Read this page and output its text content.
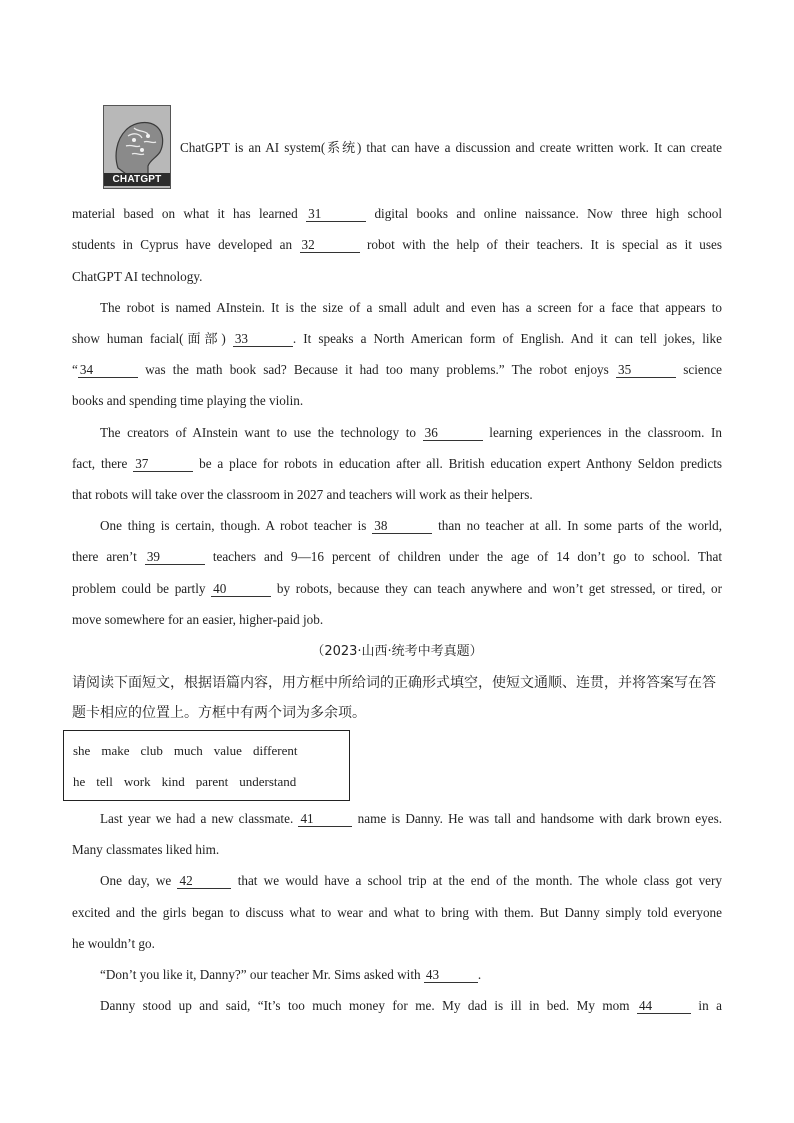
CHATGPT
ChatGPT is an AI system(系统) that can have a discussion and create written work. It can create
material based on what it has learned 31	digital books and online naissance. Now three high school
students in Cyprus have developed an 32	robot with the help of their teachers. It is special as it uses
ChatGPT AI technology.
The robot is named AInstein. It is the size of a small adult and even has a screen for a face that appears to
show human facial(面部) 33	. It speaks a North American form of English. And it can tell jokes, like
“ 34	was the math book sad? Because it had too many problems.” The robot enjoys 35	science
books and spending time playing the violin.
The creators of AInstein want to use the technology to 36	learning experiences in the classroom. In
fact, there 37	be a place for robots in education after all. British education expert Anthony Seldon predicts
that robots will take over the classroom in 2027 and teachers will work as their helpers.
One thing is certain, though. A robot teacher is 38	than no teacher at all. In some parts of the world,
there aren’t 39	teachers and 9—16 percent of children under the age of 14 don’t go to school. That
problem could be partly 40	by robots, because they can teach anywhere and won’t get stressed, or tired, or
move somewhere for an easier, higher-paid job.
（2023·山西·统考中考真题）
请阅读下面短文，根据语篇内容，用方框中所给词的正确形式填空，使短文通顺、连贯，并将答案写在答
题卡相应的位置上。方框中有两个词为多余项。
she make club much value different
he tell work kind parent understand
Last year we had a new classmate. 41	name is Danny. He was tall and handsome with dark brown eyes.
Many classmates liked him.
One day, we 42	that we would have a school trip at the end of the month. The whole class got very
excited and the girls began to discuss what to wear and what to bring with them. But Danny simply told everyone
he wouldn’t go.
“Don’t you like it, Danny?” our teacher Mr. Sims asked with 43	.
Danny stood up and said, “It’s too much money for me. My dad is ill in bed. My mom 44	in a
